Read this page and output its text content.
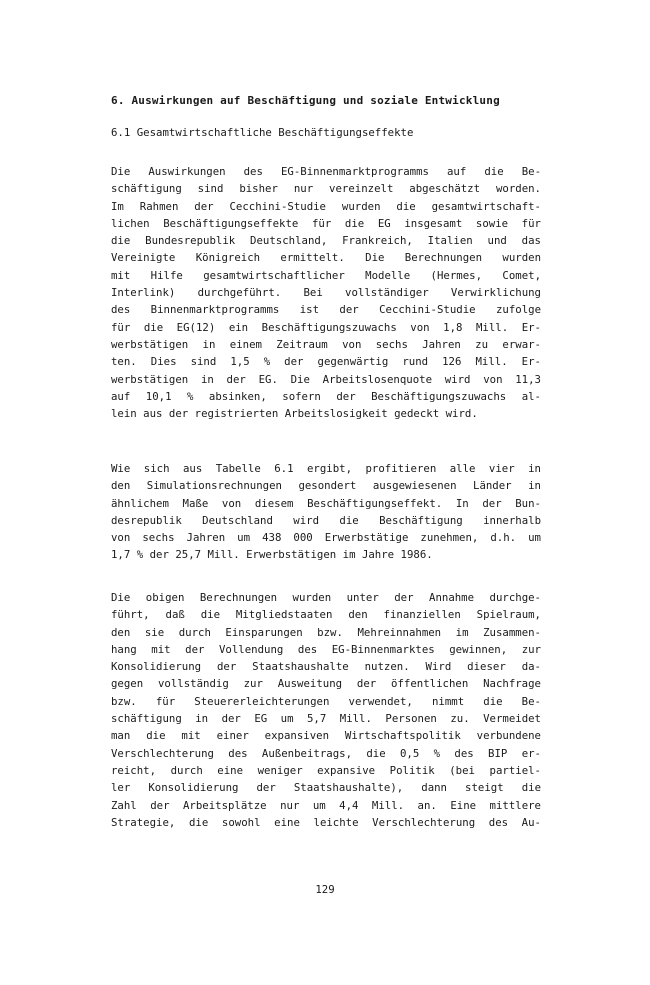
6. Auswirkungen auf Beschäftigung und soziale Entwicklung
6.1 Gesamtwirtschaftliche Beschäftigungseffekte
Die Auswirkungen des EG-Binnenmarktprogramms auf die Be-
schäftigung sind bisher nur vereinzelt abgeschätzt worden.
Im Rahmen der Cecchini-Studie wurden die gesamtwirtschaft-
lichen Beschäftigungseffekte für die EG insgesamt sowie für
die Bundesrepublik Deutschland, Frankreich, Italien und das
Vereinigte Königreich ermittelt. Die Berechnungen wurden
mit Hilfe gesamtwirtschaftlicher Modelle (Hermes, Comet,
Interlink) durchgeführt. Bei vollständiger Verwirklichung
des Binnenmarktprogramms ist der Cecchini-Studie zufolge
für die EG(12) ein Beschäftigungszuwachs von 1,8 Mill. Er-
werbstätigen in einem Zeitraum von sechs Jahren zu erwar-
ten. Dies sind 1,5 % der gegenwärtig rund 126 Mill. Er-
werbstätigen in der EG. Die Arbeitslosenquote wird von 11,3
auf 10,1 % absinken, sofern der Beschäftigungszuwachs al-
lein aus der registrierten Arbeitslosigkeit gedeckt wird.
Wie sich aus Tabelle 6.1 ergibt, profitieren alle vier in
den Simulationsrechnungen gesondert ausgewiesenen Länder in
ähnlichem Maße von diesem Beschäftigungseffekt. In der Bun-
desrepublik Deutschland wird die Beschäftigung innerhalb
von sechs Jahren um 438 000 Erwerbstätige zunehmen, d.h. um
1,7 % der 25,7 Mill. Erwerbstätigen im Jahre 1986.
Die obigen Berechnungen wurden unter der Annahme durchge-
führt, daß die Mitgliedstaaten den finanziellen Spielraum,
den sie durch Einsparungen bzw. Mehreinnahmen im Zusammen-
hang mit der Vollendung des EG-Binnenmarktes gewinnen, zur
Konsolidierung der Staatshaushalte nutzen. Wird dieser da-
gegen vollständig zur Ausweitung der öffentlichen Nachfrage
bzw. für Steuererleichterungen verwendet, nimmt die Be-
schäftigung in der EG um 5,7 Mill. Personen zu. Vermeidet
man die mit einer expansiven Wirtschaftspolitik verbundene
Verschlechterung des Außenbeitrags, die 0,5 % des BIP er-
reicht, durch eine weniger expansive Politik (bei partiel-
ler Konsolidierung der Staatshaushalte), dann steigt die
Zahl der Arbeitsplätze nur um 4,4 Mill. an. Eine mittlere
Strategie, die sowohl eine leichte Verschlechterung des Au-
129
